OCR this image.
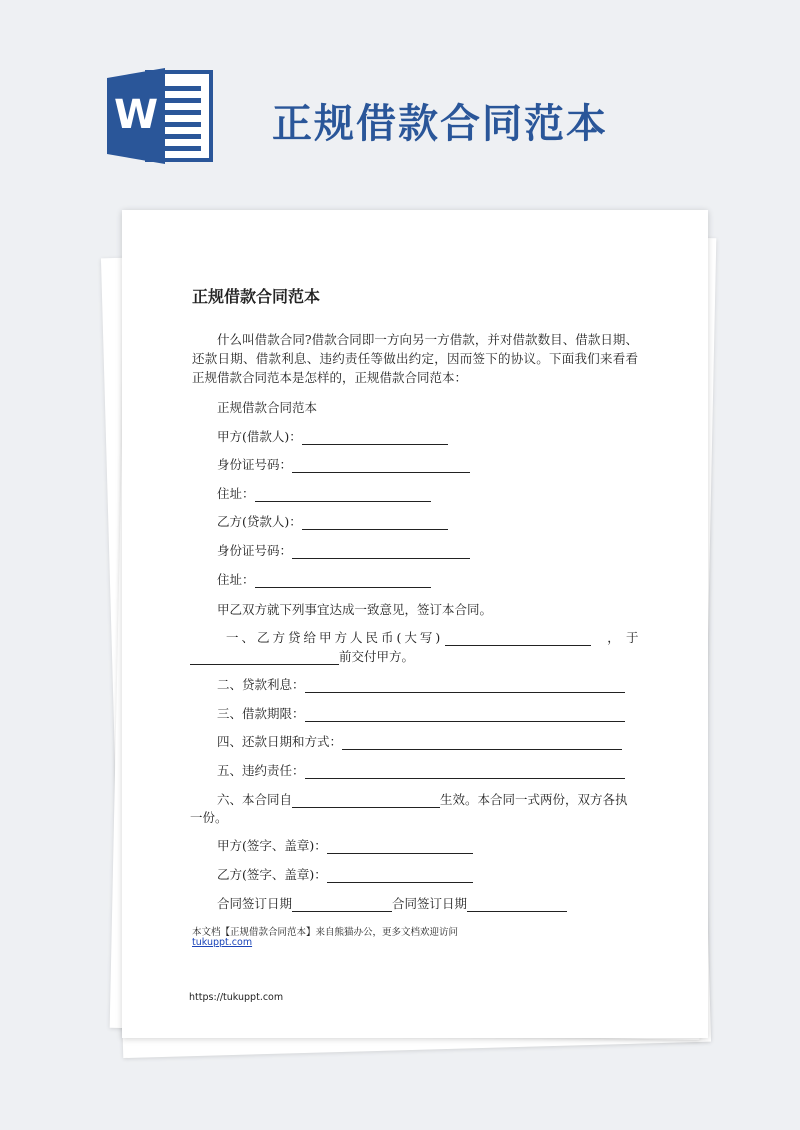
W	正规借款合同范本
正规借款合同范本
什么叫借款合同?借款合同即一方向另一方借款，并对借款数目、借款日期、还款日期、借款利息、违约责任等做出约定，因而签下的协议。下面我们来看看正规借款合同范本是怎样的，正规借款合同范本：
正规借款合同范本
甲方(借款人)：
身份证号码：
住址：
乙方(贷款人)：
身份证号码：
住址：
甲乙双方就下列事宜达成一致意见，签订本合同。
一、乙方贷给甲方人民币(大写)	， 于
前交付甲方。
二、贷款利息：
三、借款期限：
四、还款日期和方式：
五、违约责任：
六、本合同自	生效。本合同一式两份，双方各执
一份。
甲方(签字、盖章)：
乙方(签字、盖章)：
合同签订日期	合同签订日期
本文档【正规借款合同范本】来自熊猫办公，更多文档欢迎访问
tukuppt.com
https://tukuppt.com
